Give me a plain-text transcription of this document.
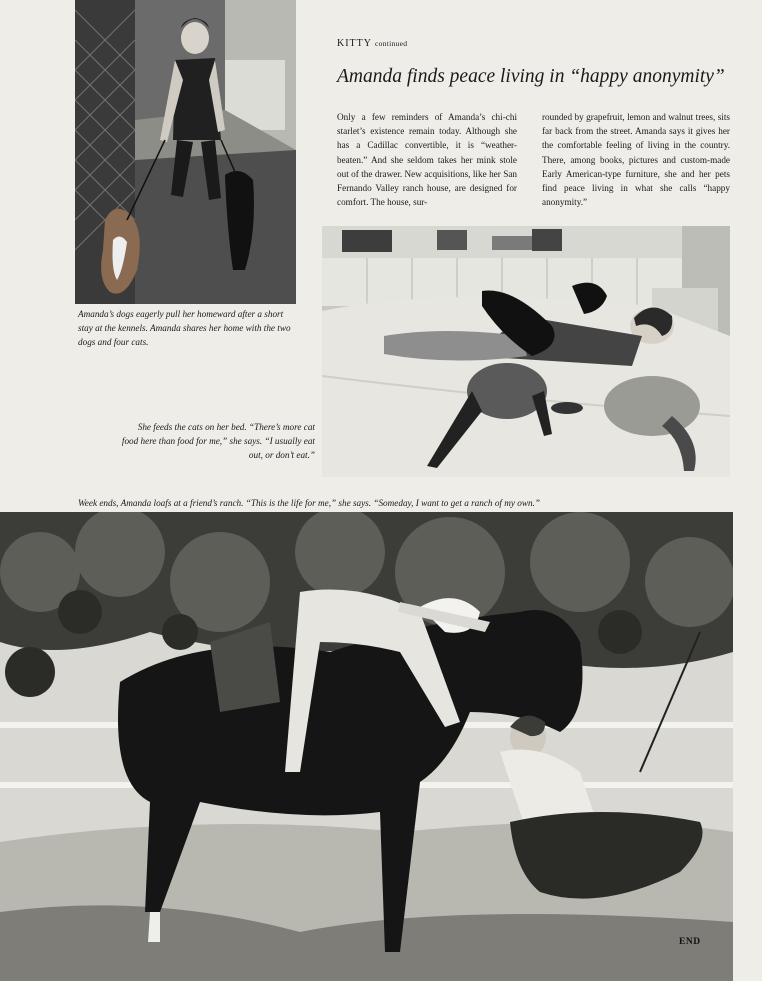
KITTY continued
Amanda finds peace living in “happy anonymity”
Only a few reminders of Amanda’s chi-chi starlet’s existence remain today. Although she has a Cadillac convertible, it is “weather-beaten.” And she seldom takes her mink stole out of the drawer. New acquisitions, like her San Fernando Valley ranch house, are designed for comfort. The house, sur-
rounded by grapefruit, lemon and walnut trees, sits far back from the street. Amanda says it gives her the comfortable feeling of living in the country. There, among books, pictures and custom-made Early American-type furniture, she and her pets find peace living in what she calls “happy anonymity.”
Amanda’s dogs eagerly pull her homeward after a short stay at the kennels. Amanda shares her home with the two dogs and four cats.
She feeds the cats on her bed. “There’s more cat food here than food for me,” she says. “I usually eat out, or don’t eat.”
Week ends, Amanda loafs at a friend’s ranch. “This is the life for me,” she says. “Someday, I want to get a ranch of my own.”
END
